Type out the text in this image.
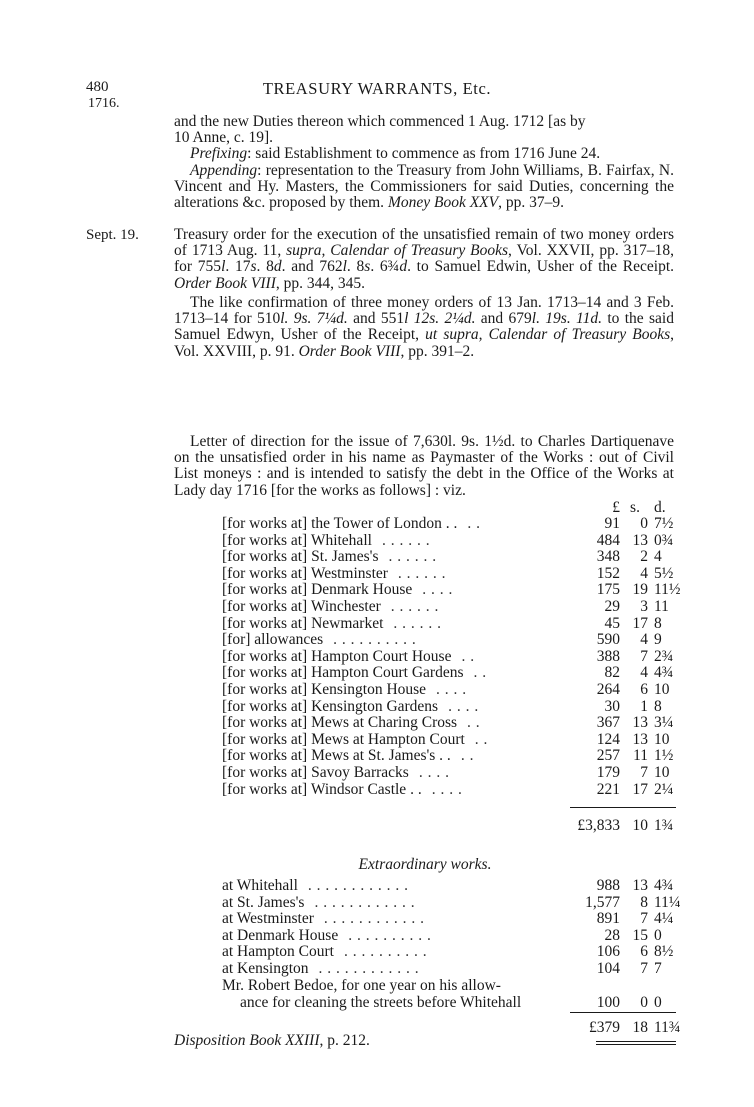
480	TREASURY WARRANTS, Etc.
1716.

and the new Duties thereon which commenced 1 Aug. 1712 [as by

10 Anne, c. 19].

Prefixing: said Establishment to commence as from 1716 June 24.

Appending: representation to the Treasury from John Williams, B. Fairfax, N. Vincent and Hy. Masters, the Commissioners for said Duties, concerning the alterations &c. proposed by them. Money Book XXV, pp. 37–9.

Sept. 19. Treasury order for the execution of the unsatisfied remain of two money orders of 1713 Aug. 11, supra, Calendar of Treasury Books, Vol. XXVII, pp. 317–18, for 755l. 17s. 8d. and 762l. 8s. 6¾d. to Samuel Edwin, Usher of the Receipt. Order Book VIII, pp. 344, 345.

The like confirmation of three money orders of 13 Jan. 1713–14 and 3 Feb. 1713–14 for 510l. 9s. 7¼d. and 551l 12s. 2¼d. and 679l. 19s. 11d. to the said Samuel Edwyn, Usher of the Receipt, ut supra, Calendar of Treasury Books, Vol. XXVIII, p. 91. Order Book VIII, pp. 391–2.

Letter of direction for the issue of 7,630l. 9s. 1½d. to Charles Dartiquenave on the unsatisfied order in his name as Paymaster of the Works : out of Civil List moneys : and is intended to satisfy the debt in the Office of the Works at Lady day 1716 [for the works as follows] : viz.

£ s. d.
[for works at] the Tower of London . . . .	91	0 7½
[for works at] Whitehall . . . . . .	484 13 0¾
[for works at] St. James's . . . . . .	348	2 4
[for works at] Westminster . . . . . .	152	4 5½
[for works at] Denmark House . . . .	175 19 11½
[for works at] Winchester . . . . . .	29	3 11
[for works at] Newmarket . . . . . .	45 17 8
[for] allowances . . . . . . . . . .	590	4 9
[for works at] Hampton Court House . .	388	7 2¾
[for works at] Hampton Court Gardens . .	82	4 4¾
[for works at] Kensington House . . . .	264	6 10
[for works at] Kensington Gardens . . . .	30	1 8
[for works at] Mews at Charing Cross . .	367 13 3¼
[for works at] Mews at Hampton Court . .	124 13 10
[for works at] Mews at St. James's . . . .	257 11 1½
[for works at] Savoy Barracks . . . .	179	7 10
[for works at] Windsor Castle . . . . . .	221 17 2¼
£3,833 10 1¾
Extraordinary works.
at Whitehall . . . . . . . . . . . .	988 13 4¾
at St. James's . . . . . . . . . . . .	1,577	8 11¼
at Westminster . . . . . . . . . . . .	891	7 4¼
at Denmark House . . . . . . . . . .	28 15 0
at Hampton Court . . . . . . . . . .	106	6 8½
at Kensington . . . . . . . . . . . .	104	7 7
Mr. Robert Bedoe, for one year on his allow-
ance for cleaning the streets before Whitehall	100	0 0
£379 18 11¾
Disposition Book XXIII, p. 212.
